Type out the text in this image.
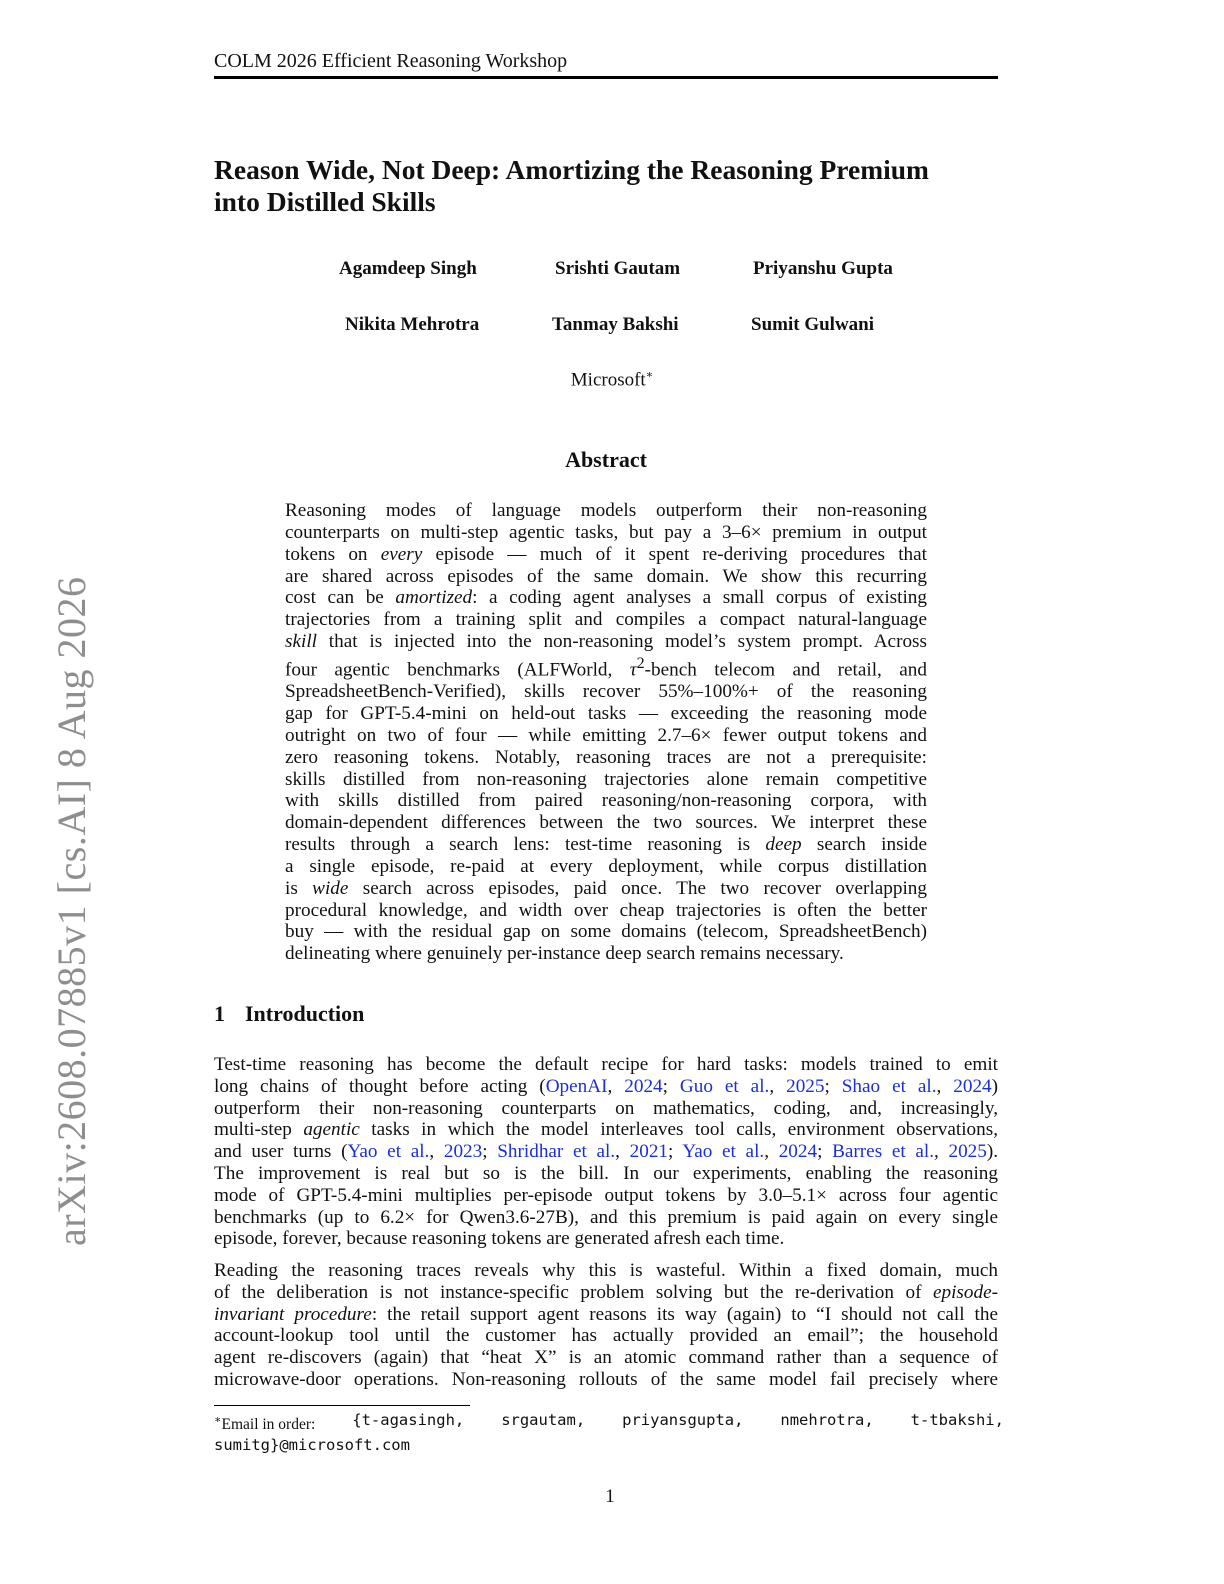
COLM 2026 Efficient Reasoning Workshop
Reason Wide, Not Deep: Amortizing the Reasoning Premium
into Distilled Skills
Agamdeep Singh	Srishti Gautam	Priyanshu Gupta
Nikita Mehrotra	Tanmay Bakshi	Sumit Gulwani
Microsoft∗
arXiv:2608.07885v1 [cs.AI] 8 Aug 2026
Abstract
Reasoning modes of language models outperform their non-reasoning
counterparts on multi-step agentic tasks, but pay a 3–6× premium in output
tokens on every episode — much of it spent re-deriving procedures that
are shared across episodes of the same domain. We show this recurring
cost can be amortized: a coding agent analyses a small corpus of existing
trajectories from a training split and compiles a compact natural-language
skill that is injected into the non-reasoning model’s system prompt. Across
four agentic benchmarks (ALFWorld, $\tau^2$-bench telecom and retail, and
SpreadsheetBench-Verified), skills recover 55%–100%+ of the reasoning
gap for GPT-5.4-mini on held-out tasks — exceeding the reasoning mode
outright on two of four — while emitting 2.7–6× fewer output tokens and
zero reasoning tokens. Notably, reasoning traces are not a prerequisite:
skills distilled from non-reasoning trajectories alone remain competitive
with skills distilled from paired reasoning/non-reasoning corpora, with
domain-dependent differences between the two sources. We interpret these
results through a search lens: test-time reasoning is deep search inside
a single episode, re-paid at every deployment, while corpus distillation
is wide search across episodes, paid once. The two recover overlapping
procedural knowledge, and width over cheap trajectories is often the better
buy — with the residual gap on some domains (telecom, SpreadsheetBench)
delineating where genuinely per-instance deep search remains necessary.
1 Introduction
Test-time reasoning has become the default recipe for hard tasks: models trained to emit
long chains of thought before acting (OpenAI, 2024; Guo et al., 2025; Shao et al., 2024)
outperform their non-reasoning counterparts on mathematics, coding, and, increasingly,
multi-step agentic tasks in which the model interleaves tool calls, environment observations,
and user turns (Yao et al., 2023; Shridhar et al., 2021; Yao et al., 2024; Barres et al., 2025).
The improvement is real but so is the bill. In our experiments, enabling the reasoning
mode of GPT-5.4-mini multiplies per-episode output tokens by 3.0–5.1× across four agentic
benchmarks (up to 6.2× for Qwen3.6-27B), and this premium is paid again on every single
episode, forever, because reasoning tokens are generated afresh each time.
Reading the reasoning traces reveals why this is wasteful. Within a fixed domain, much
of the deliberation is not instance-specific problem solving but the re-derivation of episode-
invariant procedure: the retail support agent reasons its way (again) to “I should not call the
account-lookup tool until the customer has actually provided an email”; the household
agent re-discovers (again) that “heat X” is an atomic command rather than a sequence of
microwave-door operations. Non-reasoning rollouts of the same model fail precisely where
∗Email in order: {t-agasingh, srgautam, priyansgupta, nmehrotra, t-tbakshi,
sumitg}@microsoft.com
1
